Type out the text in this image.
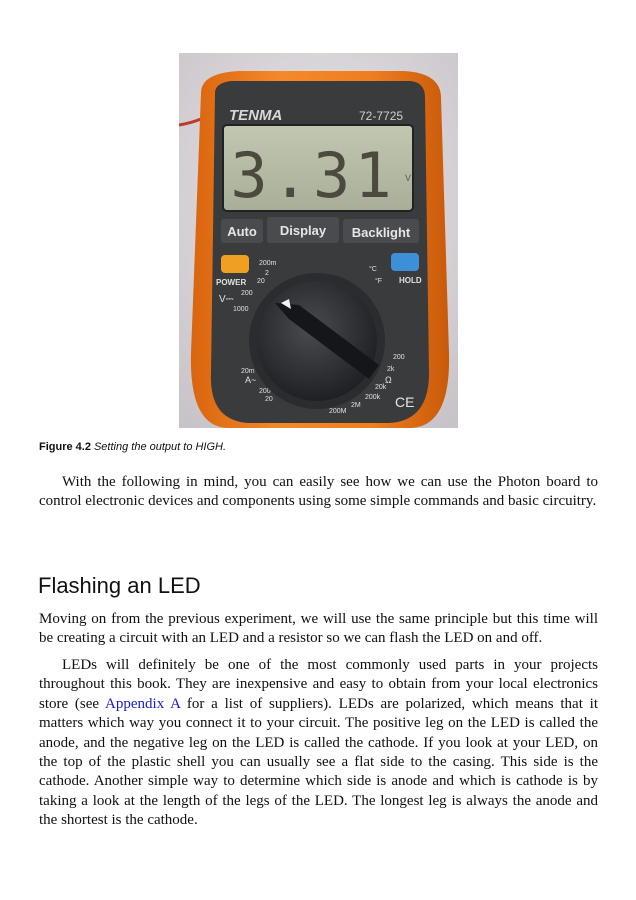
TENMA	72-7725
3.31 V
Auto Display Backlight
POWER	HOLD
V⎓
200m
2
20
200
1000
20m
A~
200
20
°C
°F
200
2k
Ω
20k
200k
2M
200M
CE
Figure 4.2 Setting the output to HIGH.

With the following in mind, you can easily see how we can use the Photon board to control electronic devices and components using some simple commands and basic circuitry.

Flashing an LED

Moving on from the previous experiment, we will use the same principle but this time will be creating a circuit with an LED and a resistor so we can flash the LED on and off.

LEDs will definitely be one of the most commonly used parts in your projects throughout this book. They are inexpensive and easy to obtain from your local electronics store (see Appendix A for a list of suppliers). LEDs are polarized, which means that it matters which way you connect it to your circuit. The positive leg on the LED is called the anode, and the negative leg on the LED is called the cathode. If you look at your LED, on the top of the plastic shell you can usually see a flat side to the casing. This side is the cathode. Another simple way to determine which side is anode and which is cathode is by taking a look at the length of the legs of the LED. The longest leg is always the anode and the shortest is the cathode.
